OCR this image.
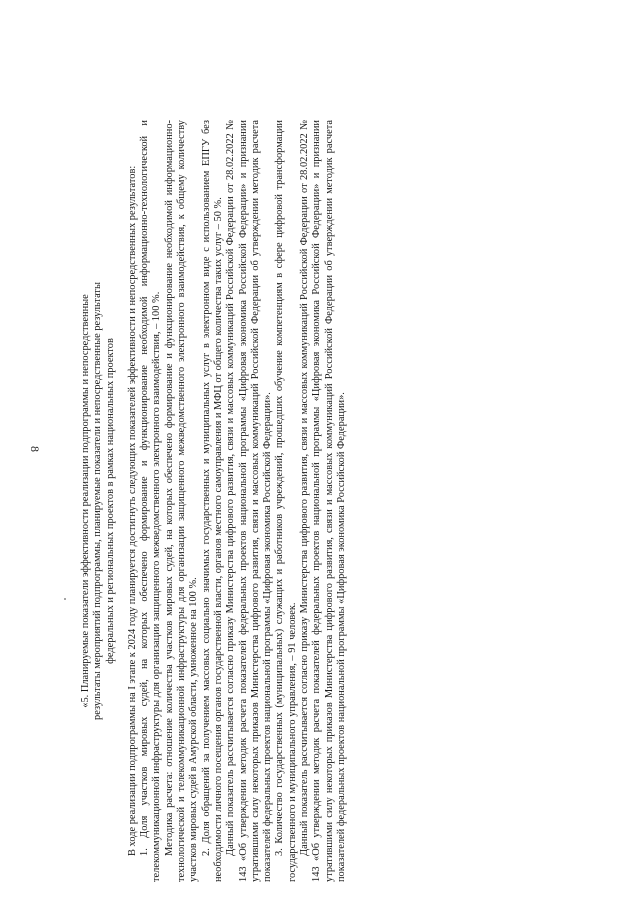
8	«5. Планируемые показатели эффективности реализации подпрограммы и непосредственные результаты мероприятий подпрограммы, планируемые показатели и непосредственные результаты федеральных и региональных проектов в рамках национальных проектов В ходе реализации подпрограммы на I этапе к 2024 году планируется достигнуть следующих показателей эффективности и непосредственных результатов: 1. Доля участков мировых судей, на которых обеспечено формирование и функционирование необходимой информационно-технологической и телекоммуникационной инфраструктуры для организации защищенного межведомственного электронного взаимодействия, – 100 %. Методика расчета: отношение количества участков мировых судей, на которых обеспечено формирование и функционирование необходимой информационно-технологической и телекоммуникационной инфраструктуры для организации защищенного межведомственного электронного взаимодействия, к общему количеству участков мировых судей в Амурской области, умноженное на 100 %. 2. Доля обращений за получением массовых социально значимых государственных и муниципальных услуг в электронном виде с использованием ЕПГУ без необходимости личного посещения органов государственной власти, органов местного самоуправления и МФЦ от общего количества таких услуг – 50 %. Данный показатель рассчитывается согласно приказу Министерства цифрового развития, связи и массовых коммуникаций Российской Федерации от 28.02.2022 № 143 «Об утверждении методик расчета показателей федеральных проектов национальной программы «Цифровая экономика Российской Федерации» и признании утратившими силу некоторых приказов Министерства цифрового развития, связи и массовых коммуникаций Российской Федерации об утверждении методик расчета показателей федеральных проектов национальной программы «Цифровая экономика Российской Федерации». 3. Количество государственных (муниципальных) служащих и работников учреждений, прошедших обучение компетенциям в сфере цифровой трансформации государственного и муниципального управления, – 91 человек. Данный показатель рассчитывается согласно приказу Министерства цифрового развития, связи и массовых коммуникаций Российской Федерации от 28.02.2022 № 143 «Об утверждении методик расчета показателей федеральных проектов национальной программы «Цифровая экономика Российской Федерации» и признании утратившими силу некоторых приказов Министерства цифрового развития, связи и массовых коммуникаций Российской Федерации об утверждении методик расчета показателей федеральных проектов национальной программы «Цифровая экономика Российской Федерации».
